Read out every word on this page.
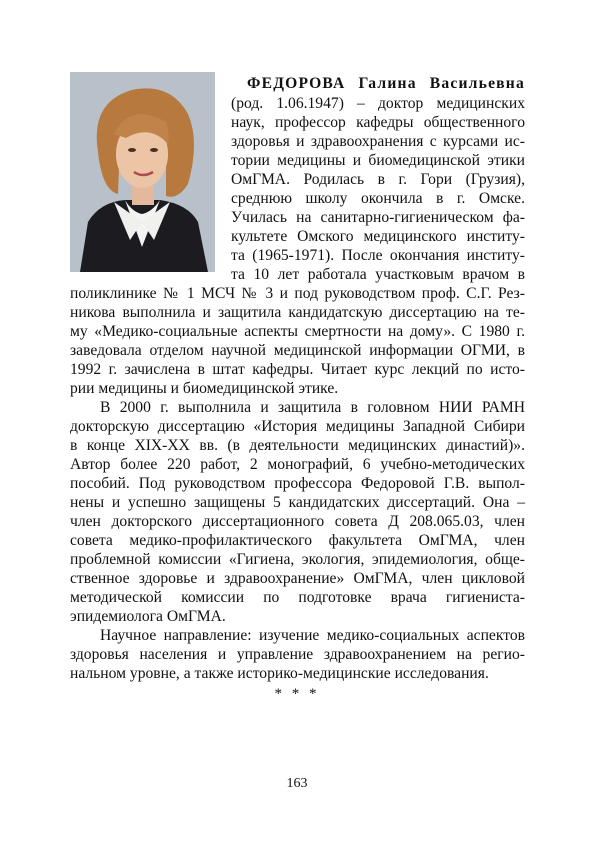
ФЕДОРОВА Галина Васильевна
(род. 1.06.1947) – доктор медицинских
наук, профессор кафедры общественного
здоровья и здравоохранения с курсами ис-
тории медицины и биомедицинской этики
ОмГМА. Родилась в г. Гори (Грузия),
среднюю школу окончила в г. Омске.
Училась на санитарно-гигиеническом фа-
культете Омского медицинского институ-
та (1965-1971). После окончания институ-
та 10 лет работала участковым врачом в
поликлинике № 1 МСЧ № 3 и под руководством проф. С.Г. Рез-
никова выполнила и защитила кандидатскую диссертацию на те-
му «Медико-социальные аспекты смертности на дому». С 1980 г.
заведовала отделом научной медицинской информации ОГМИ, в
1992 г. зачислена в штат кафедры. Читает курс лекций по исто-
рии медицины и биомедицинской этике.
В 2000 г. выполнила и защитила в головном НИИ РАМН
докторскую диссертацию «История медицины Западной Сибири
в конце XIX-XX вв. (в деятельности медицинских династий)».
Автор более 220 работ, 2 монографий, 6 учебно-методических
пособий. Под руководством профессора Федоровой Г.В. выпол-
нены и успешно защищены 5 кандидатских диссертаций. Она –
член докторского диссертационного совета Д 208.065.03, член
совета медико-профилактического факультета ОмГМА, член
проблемной комиссии «Гигиена, экология, эпидемиология, обще-
ственное здоровье и здравоохранение» ОмГМА, член цикловой
методической комиссии по подготовке врача гигиениста-
эпидемиолога ОмГМА.
Научное направление: изучение медико-социальных аспектов
здоровья населения и управление здравоохранением на регио-
нальном уровне, а также историко-медицинские исследования.
* * *
163
